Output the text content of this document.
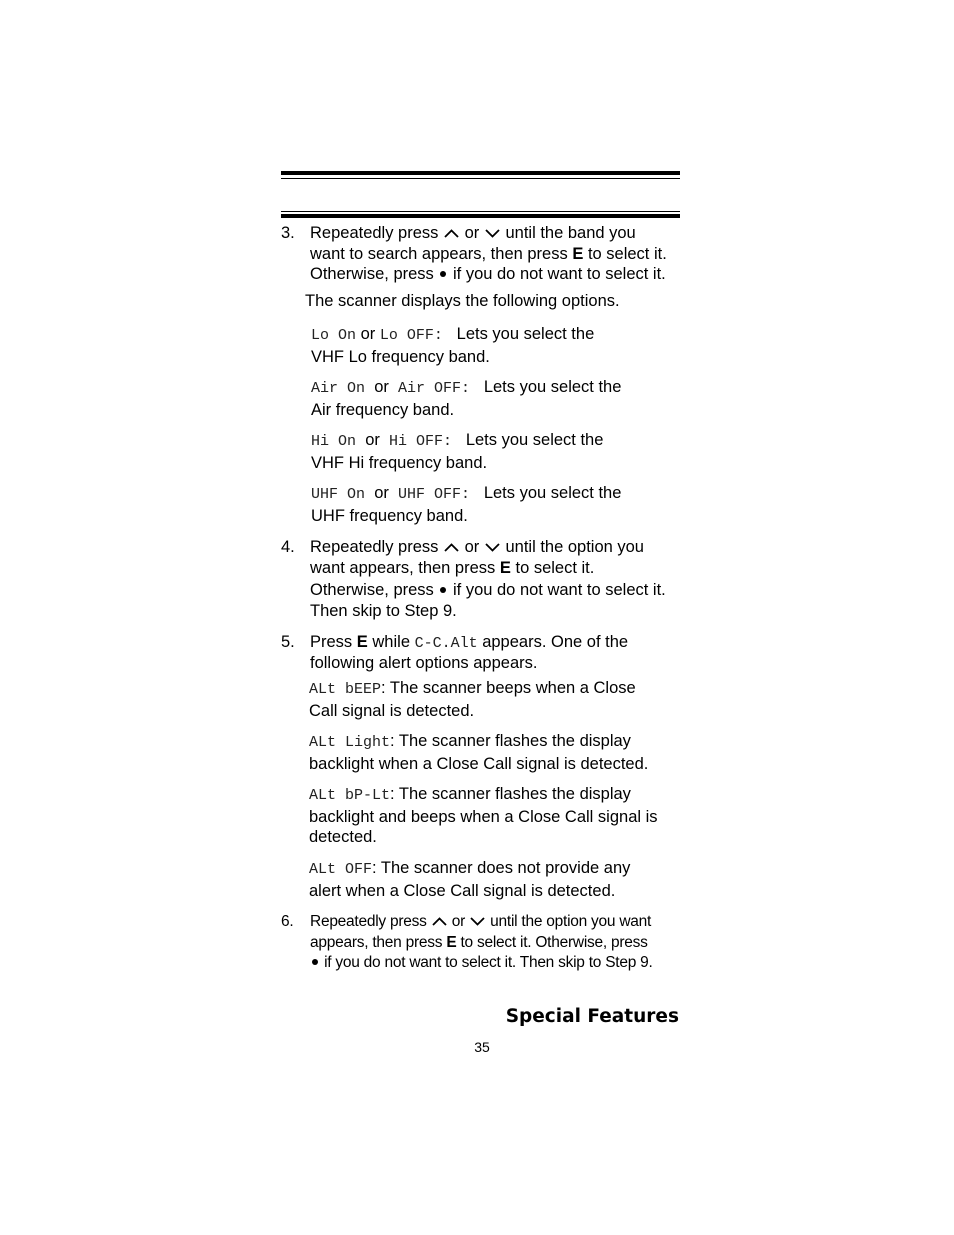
3. Repeatedly press or until the band you
want to search appears, then press E to select it.
Otherwise, press if you do not want to select it.
The scanner displays the following options.
Lo On or Lo OFF: Lets you select the
VHF Lo frequency band.
Air On or Air OFF: Lets you select the
Air frequency band.
Hi On or Hi OFF: Lets you select the
VHF Hi frequency band.
UHF On or UHF OFF: Lets you select the
UHF frequency band.
4. Repeatedly press or until the option you
want appears, then press E to select it.
Otherwise, press if you do not want to select it.
Then skip to Step 9.
5. Press E while C-C.Alt appears. One of the
following alert options appears.
ALt bEEP: The scanner beeps when a Close
Call signal is detected.
ALt Light: The scanner flashes the display
backlight when a Close Call signal is detected.
ALt bP-Lt: The scanner flashes the display
backlight and beeps when a Close Call signal is
detected.
ALt OFF: The scanner does not provide any
alert when a Close Call signal is detected.
6. Repeatedly press or until the option you want
appears, then press E to select it. Otherwise, press
if you do not want to select it. Then skip to Step 9.
Special Features
35
